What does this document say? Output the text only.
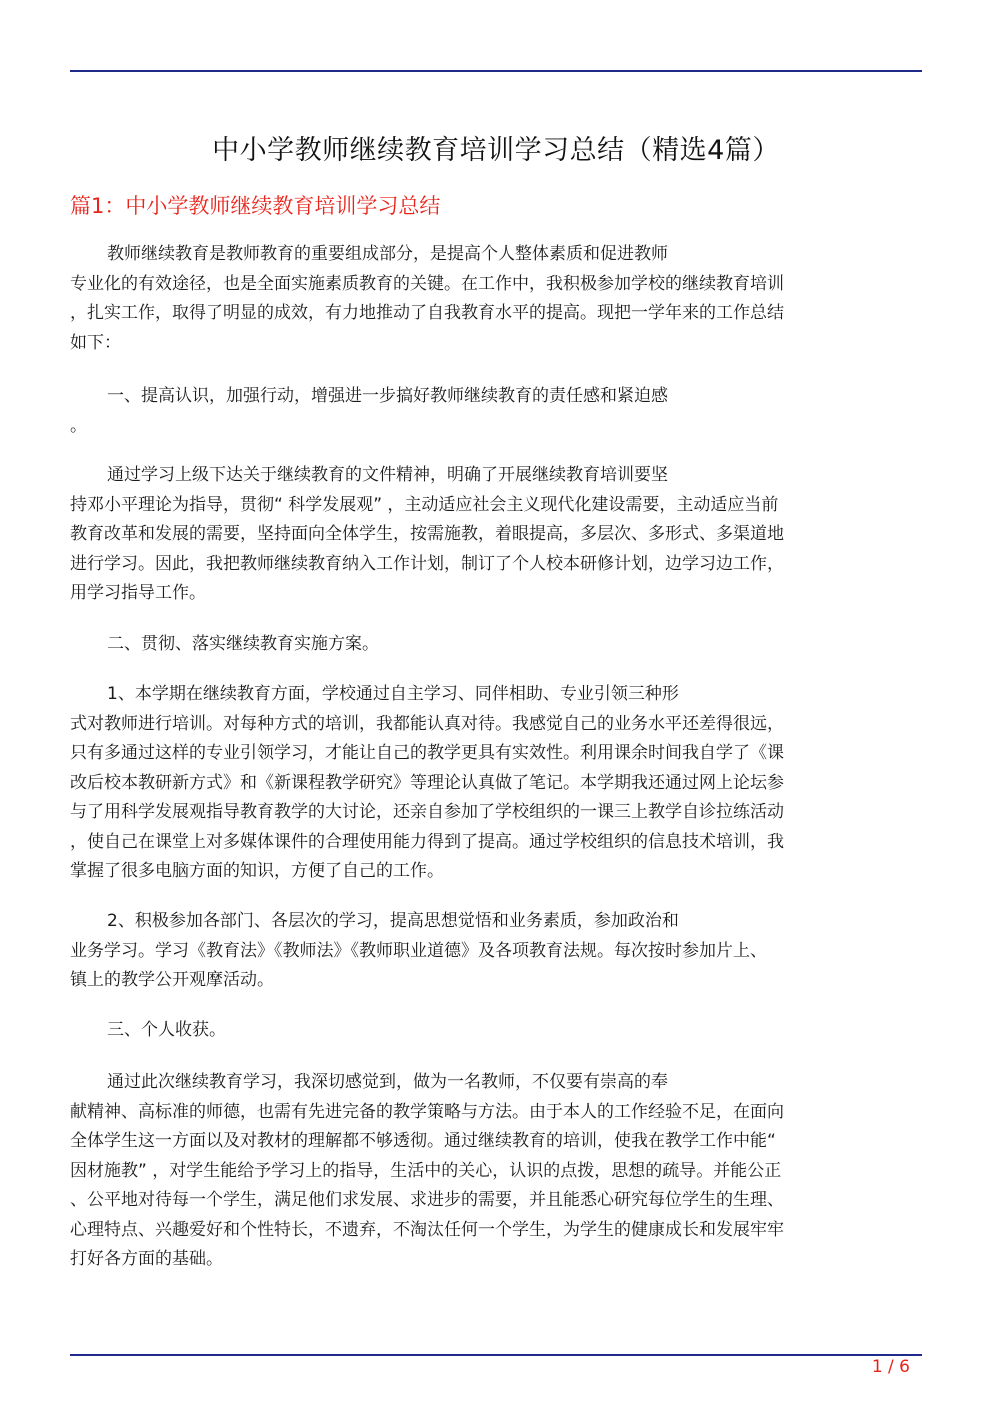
中小学教师继续教育培训学习总结（精选4篇）
篇1：中小学教师继续教育培训学习总结
教师继续教育是教师教育的重要组成部分，是提高个人整体素质和促进教师
专业化的有效途径，也是全面实施素质教育的关键。在工作中，我积极参加学校的继续教育培训
，扎实工作，取得了明显的成效，有力地推动了自我教育水平的提高。现把一学年来的工作总结
如下：
一、提高认识，加强行动，增强进一步搞好教师继续教育的责任感和紧迫感
。
通过学习上级下达关于继续教育的文件精神，明确了开展继续教育培训要坚
持邓小平理论为指导，贯彻“ 科学发展观” ，主动适应社会主义现代化建设需要，主动适应当前
教育改革和发展的需要，坚持面向全体学生，按需施教，着眼提高，多层次、多形式、多渠道地
进行学习。因此，我把教师继续教育纳入工作计划，制订了个人校本研修计划，边学习边工作，
用学习指导工作。
二、贯彻、落实继续教育实施方案。
1、本学期在继续教育方面，学校通过自主学习、同伴相助、专业引领三种形
式对教师进行培训。对每种方式的培训，我都能认真对待。我感觉自己的业务水平还差得很远，
只有多通过这样的专业引领学习，才能让自己的教学更具有实效性。利用课余时间我自学了《课
改后校本教研新方式》和《新课程教学研究》等理论认真做了笔记。本学期我还通过网上论坛参
与了用科学发展观指导教育教学的大讨论，还亲自参加了学校组织的一课三上教学自诊拉练活动
，使自己在课堂上对多媒体课件的合理使用能力得到了提高。通过学校组织的信息技术培训，我
掌握了很多电脑方面的知识，方便了自己的工作。
2、积极参加各部门、各层次的学习，提高思想觉悟和业务素质，参加政治和
业务学习。学习《教育法》《教师法》《教师职业道德》及各项教育法规。每次按时参加片上、
镇上的教学公开观摩活动。
三、个人收获。
通过此次继续教育学习，我深切感觉到，做为一名教师，不仅要有崇高的奉
献精神、高标准的师德，也需有先进完备的教学策略与方法。由于本人的工作经验不足，在面向
全体学生这一方面以及对教材的理解都不够透彻。通过继续教育的培训，使我在教学工作中能“
因材施教” ，对学生能给予学习上的指导，生活中的关心，认识的点拨，思想的疏导。并能公正
、公平地对待每一个学生，满足他们求发展、求进步的需要，并且能悉心研究每位学生的生理、
心理特点、兴趣爱好和个性特长，不遗弃，不淘汰任何一个学生，为学生的健康成长和发展牢牢
打好各方面的基础。
1 / 6
